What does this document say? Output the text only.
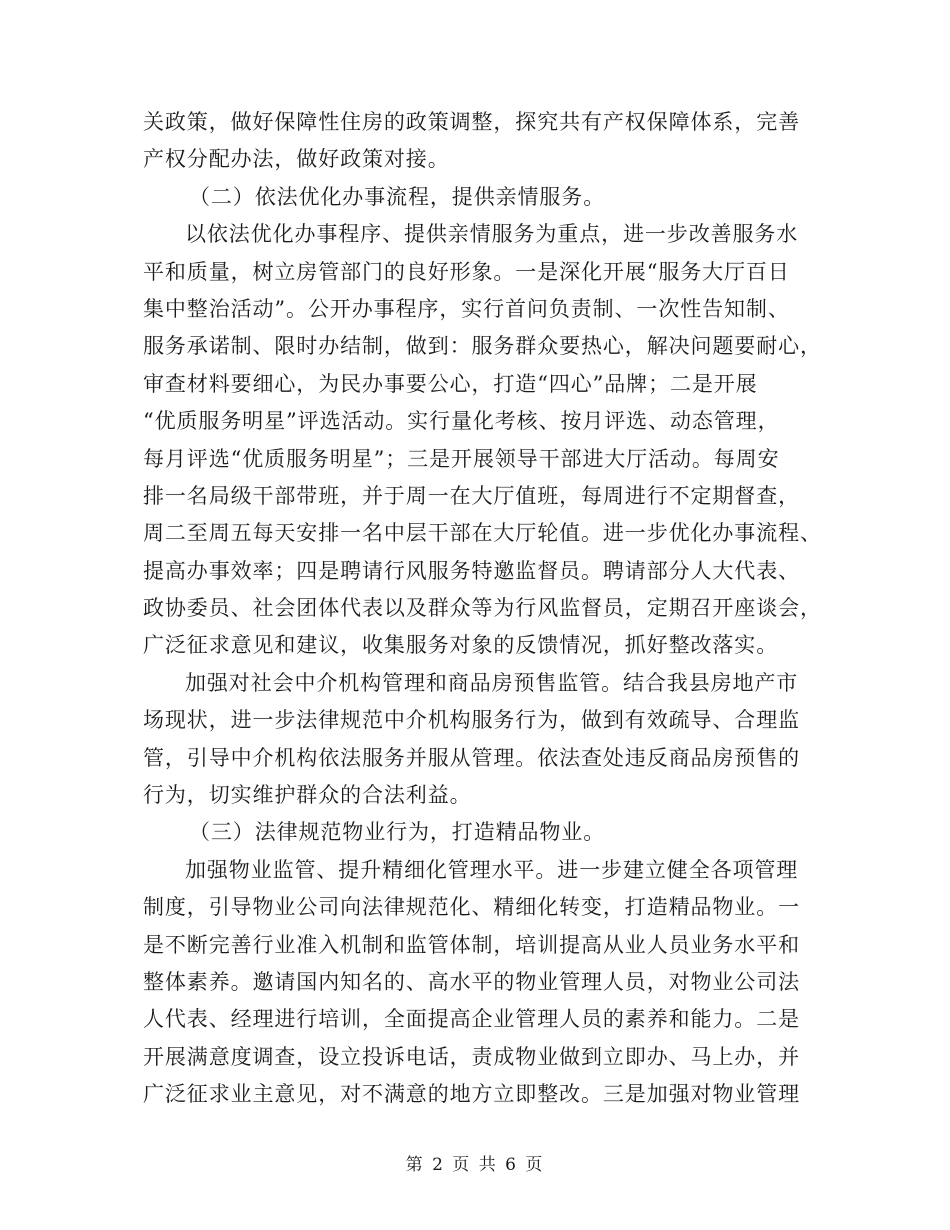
关政策，做好保障性住房的政策调整，探究共有产权保障体系，完善
产权分配办法，做好政策对接。
（二）依法优化办事流程，提供亲情服务。
以依法优化办事程序、提供亲情服务为重点，进一步改善服务水
平和质量，树立房管部门的良好形象。一是深化开展“服务大厅百日
集中整治活动”。公开办事程序，实行首问负责制、一次性告知制、
服务承诺制、限时办结制，做到：服务群众要热心，解决问题要耐心，
审查材料要细心，为民办事要公心，打造“四心”品牌；二是开展
“优质服务明星”评选活动。实行量化考核、按月评选、动态管理，
每月评选“优质服务明星”；三是开展领导干部进大厅活动。每周安
排一名局级干部带班，并于周一在大厅值班，每周进行不定期督查，
周二至周五每天安排一名中层干部在大厅轮值。进一步优化办事流程、
提高办事效率；四是聘请行风服务特邀监督员。聘请部分人大代表、
政协委员、社会团体代表以及群众等为行风监督员，定期召开座谈会，
广泛征求意见和建议，收集服务对象的反馈情况，抓好整改落实。
加强对社会中介机构管理和商品房预售监管。结合我县房地产市
场现状，进一步法律规范中介机构服务行为，做到有效疏导、合理监
管，引导中介机构依法服务并服从管理。依法查处违反商品房预售的
行为，切实维护群众的合法利益。
（三）法律规范物业行为，打造精品物业。
加强物业监管、提升精细化管理水平。进一步建立健全各项管理
制度，引导物业公司向法律规范化、精细化转变，打造精品物业。一
是不断完善行业准入机制和监管体制，培训提高从业人员业务水平和
整体素养。邀请国内知名的、高水平的物业管理人员，对物业公司法
人代表、经理进行培训，全面提高企业管理人员的素养和能力。二是
开展满意度调查，设立投诉电话，责成物业做到立即办、马上办，并
广泛征求业主意见，对不满意的地方立即整改。三是加强对物业管理
第 2 页 共 6 页
